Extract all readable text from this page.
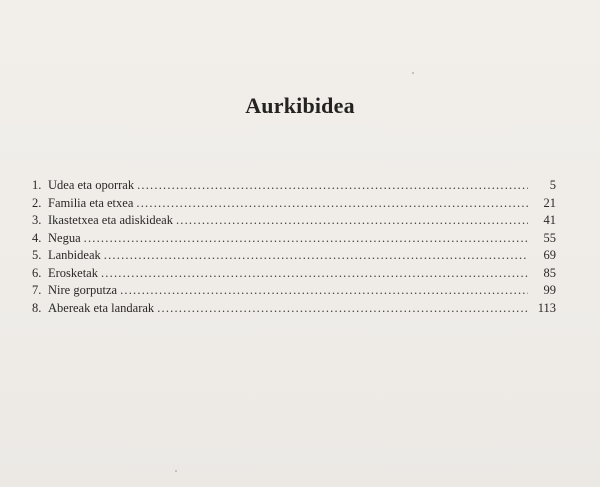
Aurkibidea
1. Udea eta oporrak .....	5
2. Familia eta etxea .....	21
3. Ikastetxea eta adiskideak .....	41
4. Negua .....	55
5. Lanbideak .....	69
6. Erosketak .....	85
7. Nire gorputza .....	99
8. Abereak eta landarak .....	113
